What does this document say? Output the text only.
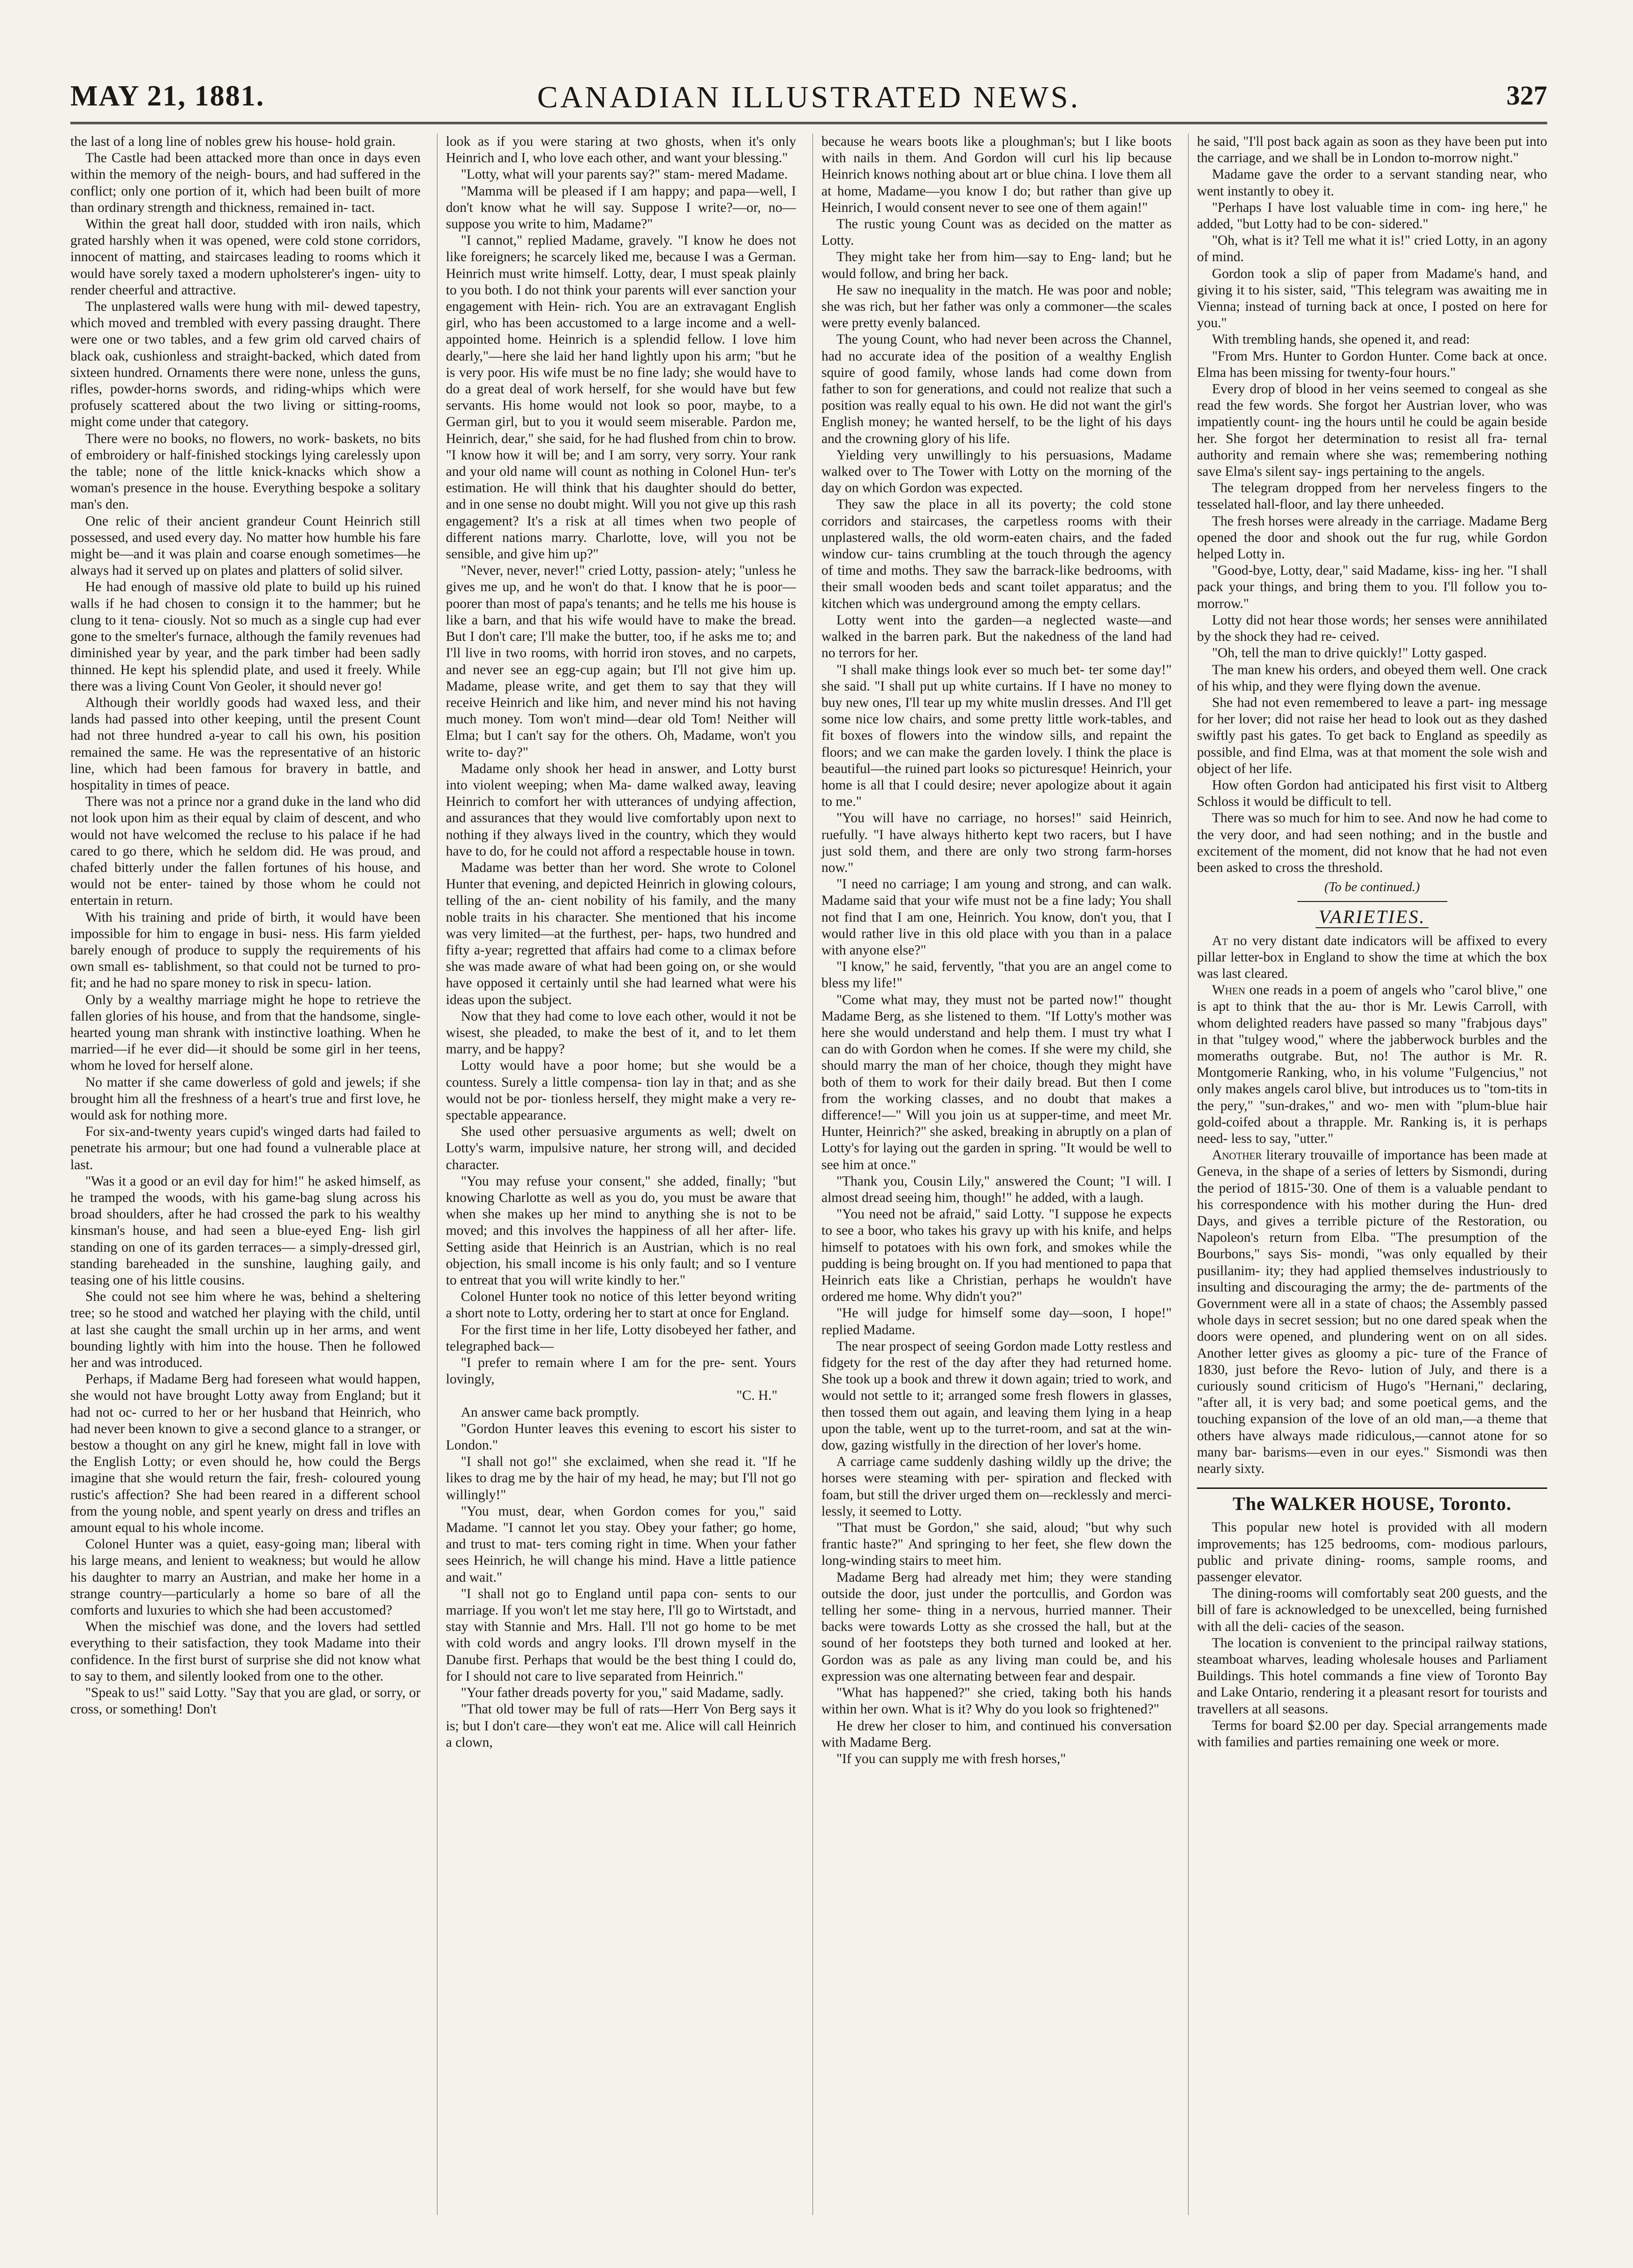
MAY 21, 1881.	CANADIAN ILLUSTRATED NEWS.	327

the last of a long line of nobles grew his house- hold grain.

The Castle had been attacked more than once in days even within the memory of the neigh- bours, and had suffered in the conflict; only one portion of it, which had been built of more than ordinary strength and thickness, remained in- tact.

Within the great hall door, studded with iron nails, which grated harshly when it was opened, were cold stone corridors, innocent of matting, and staircases leading to rooms which it would have sorely taxed a modern upholsterer's ingen- uity to render cheerful and attractive.

The unplastered walls were hung with mil- dewed tapestry, which moved and trembled with every passing draught. There were one or two tables, and a few grim old carved chairs of black oak, cushionless and straight-backed, which dated from sixteen hundred. Ornaments there were none, unless the guns, rifles, powder-horns swords, and riding-whips which were profusely scattered about the two living or sitting-rooms, might come under that category.

There were no books, no flowers, no work- baskets, no bits of embroidery or half-finished stockings lying carelessly upon the table; none of the little knick-knacks which show a woman's presence in the house. Everything bespoke a solitary man's den.

One relic of their ancient grandeur Count Heinrich still possessed, and used every day. No matter how humble his fare might be—and it was plain and coarse enough sometimes—he always had it served up on plates and platters of solid silver.

He had enough of massive old plate to build up his ruined walls if he had chosen to consign it to the hammer; but he clung to it tena- ciously. Not so much as a single cup had ever gone to the smelter's furnace, although the family revenues had diminished year by year, and the park timber had been sadly thinned. He kept his splendid plate, and used it freely. While there was a living Count Von Geoler, it should never go!

Although their worldly goods had waxed less, and their lands had passed into other keeping, until the present Count had not three hundred a-year to call his own, his position remained the same. He was the representative of an historic line, which had been famous for bravery in battle, and hospitality in times of peace.

There was not a prince nor a grand duke in the land who did not look upon him as their equal by claim of descent, and who would not have welcomed the recluse to his palace if he had cared to go there, which he seldom did. He was proud, and chafed bitterly under the fallen fortunes of his house, and would not be enter- tained by those whom he could not entertain in return.

With his training and pride of birth, it would have been impossible for him to engage in busi- ness. His farm yielded barely enough of produce to supply the requirements of his own small es- tablishment, so that could not be turned to pro- fit; and he had no spare money to risk in specu- lation.

Only by a wealthy marriage might he hope to retrieve the fallen glories of his house, and from that the handsome, single-hearted young man shrank with instinctive loathing. When he married—if he ever did—it should be some girl in her teens, whom he loved for herself alone.

No matter if she came dowerless of gold and jewels; if she brought him all the freshness of a heart's true and first love, he would ask for nothing more.

For six-and-twenty years cupid's winged darts had failed to penetrate his armour; but one had found a vulnerable place at last.

"Was it a good or an evil day for him!" he asked himself, as he tramped the woods, with his game-bag slung across his broad shoulders, after he had crossed the park to his wealthy kinsman's house, and had seen a blue-eyed Eng- lish girl standing on one of its garden terraces— a simply-dressed girl, standing bareheaded in the sunshine, laughing gaily, and teasing one of his little cousins.

She could not see him where he was, behind a sheltering tree; so he stood and watched her playing with the child, until at last she caught the small urchin up in her arms, and went bounding lightly with him into the house. Then he followed her and was introduced.

Perhaps, if Madame Berg had foreseen what would happen, she would not have brought Lotty away from England; but it had not oc- curred to her or her husband that Heinrich, who had never been known to give a second glance to a stranger, or bestow a thought on any girl he knew, might fall in love with the English Lotty; or even should he, how could the Bergs imagine that she would return the fair, fresh- coloured young rustic's affection? She had been reared in a different school from the young noble, and spent yearly on dress and trifles an amount equal to his whole income.

Colonel Hunter was a quiet, easy-going man; liberal with his large means, and lenient to weakness; but would he allow his daughter to marry an Austrian, and make her home in a strange country—particularly a home so bare of all the comforts and luxuries to which she had been accustomed?

When the mischief was done, and the lovers had settled everything to their satisfaction, they took Madame into their confidence. In the first burst of surprise she did not know what to say to them, and silently looked from one to the other.

"Speak to us!" said Lotty. "Say that you are glad, or sorry, or cross, or something! Don't

look as if you were staring at two ghosts, when it's only Heinrich and I, who love each other, and want your blessing."

"Lotty, what will your parents say?" stam- mered Madame.

"Mamma will be pleased if I am happy; and papa—well, I don't know what he will say. Suppose I write?—or, no—suppose you write to him, Madame?"

"I cannot," replied Madame, gravely. "I know he does not like foreigners; he scarcely liked me, because I was a German. Heinrich must write himself. Lotty, dear, I must speak plainly to you both. I do not think your parents will ever sanction your engagement with Hein- rich. You are an extravagant English girl, who has been accustomed to a large income and a well-appointed home. Heinrich is a splendid fellow. I love him dearly,"—here she laid her hand lightly upon his arm; "but he is very poor. His wife must be no fine lady; she would have to do a great deal of work herself, for she would have but few servants. His home would not look so poor, maybe, to a German girl, but to you it would seem miserable. Pardon me, Heinrich, dear," she said, for he had flushed from chin to brow. "I know how it will be; and I am sorry, very sorry. Your rank and your old name will count as nothing in Colonel Hun- ter's estimation. He will think that his daughter should do better, and in one sense no doubt might. Will you not give up this rash engagement? It's a risk at all times when two people of different nations marry. Charlotte, love, will you not be sensible, and give him up?"

"Never, never, never!" cried Lotty, passion- ately; "unless he gives me up, and he won't do that. I know that he is poor—poorer than most of papa's tenants; and he tells me his house is like a barn, and that his wife would have to make the bread. But I don't care; I'll make the butter, too, if he asks me to; and I'll live in two rooms, with horrid iron stoves, and no carpets, and never see an egg-cup again; but I'll not give him up. Madame, please write, and get them to say that they will receive Heinrich and like him, and never mind his not having much money. Tom won't mind—dear old Tom! Neither will Elma; but I can't say for the others. Oh, Madame, won't you write to- day?"

Madame only shook her head in answer, and Lotty burst into violent weeping; when Ma- dame walked away, leaving Heinrich to comfort her with utterances of undying affection, and assurances that they would live comfortably upon next to nothing if they always lived in the country, which they would have to do, for he could not afford a respectable house in town.

Madame was better than her word. She wrote to Colonel Hunter that evening, and depicted Heinrich in glowing colours, telling of the an- cient nobility of his family, and the many noble traits in his character. She mentioned that his income was very limited—at the furthest, per- haps, two hundred and fifty a-year; regretted that affairs had come to a climax before she was made aware of what had been going on, or she would have opposed it certainly until she had learned what were his ideas upon the subject.

Now that they had come to love each other, would it not be wisest, she pleaded, to make the best of it, and to let them marry, and be happy?

Lotty would have a poor home; but she would be a countess. Surely a little compensa- tion lay in that; and as she would not be por- tionless herself, they might make a very re- spectable appearance.

She used other persuasive arguments as well; dwelt on Lotty's warm, impulsive nature, her strong will, and decided character.

"You may refuse your consent," she added, finally; "but knowing Charlotte as well as you do, you must be aware that when she makes up her mind to anything she is not to be moved; and this involves the happiness of all her after- life. Setting aside that Heinrich is an Austrian, which is no real objection, his small income is his only fault; and so I venture to entreat that you will write kindly to her."

Colonel Hunter took no notice of this letter beyond writing a short note to Lotty, ordering her to start at once for England.

For the first time in her life, Lotty disobeyed her father, and telegraphed back—

"I prefer to remain where I am for the pre- sent. Yours lovingly,

"C. H."

An answer came back promptly.

"Gordon Hunter leaves this evening to escort his sister to London."

"I shall not go!" she exclaimed, when she read it. "If he likes to drag me by the hair of my head, he may; but I'll not go willingly!"

"You must, dear, when Gordon comes for you," said Madame. "I cannot let you stay. Obey your father; go home, and trust to mat- ters coming right in time. When your father sees Heinrich, he will change his mind. Have a little patience and wait."

"I shall not go to England until papa con- sents to our marriage. If you won't let me stay here, I'll go to Wirtstadt, and stay with Stannie and Mrs. Hall. I'll not go home to be met with cold words and angry looks. I'll drown myself in the Danube first. Perhaps that would be the best thing I could do, for I should not care to live separated from Heinrich."

"Your father dreads poverty for you," said Madame, sadly.

"That old tower may be full of rats—Herr Von Berg says it is; but I don't care—they won't eat me. Alice will call Heinrich a clown,

because he wears boots like a ploughman's; but I like boots with nails in them. And Gordon will curl his lip because Heinrich knows nothing about art or blue china. I love them all at home, Madame—you know I do; but rather than give up Heinrich, I would consent never to see one of them again!"

The rustic young Count was as decided on the matter as Lotty.

They might take her from him—say to Eng- land; but he would follow, and bring her back.

He saw no inequality in the match. He was poor and noble; she was rich, but her father was only a commoner—the scales were pretty evenly balanced.

The young Count, who had never been across the Channel, had no accurate idea of the position of a wealthy English squire of good family, whose lands had come down from father to son for generations, and could not realize that such a position was really equal to his own. He did not want the girl's English money; he wanted herself, to be the light of his days and the crowning glory of his life.

Yielding very unwillingly to his persuasions, Madame walked over to The Tower with Lotty on the morning of the day on which Gordon was expected.

They saw the place in all its poverty; the cold stone corridors and staircases, the carpetless rooms with their unplastered walls, the old worm-eaten chairs, and the faded window cur- tains crumbling at the touch through the agency of time and moths. They saw the barrack-like bedrooms, with their small wooden beds and scant toilet apparatus; and the kitchen which was underground among the empty cellars.

Lotty went into the garden—a neglected waste—and walked in the barren park. But the nakedness of the land had no terrors for her.

"I shall make things look ever so much bet- ter some day!" she said. "I shall put up white curtains. If I have no money to buy new ones, I'll tear up my white muslin dresses. And I'll get some nice low chairs, and some pretty little work-tables, and fit boxes of flowers into the window sills, and repaint the floors; and we can make the garden lovely. I think the place is beautiful—the ruined part looks so picturesque! Heinrich, your home is all that I could desire; never apologize about it again to me."

"You will have no carriage, no horses!" said Heinrich, ruefully. "I have always hitherto kept two racers, but I have just sold them, and there are only two strong farm-horses now."

"I need no carriage; I am young and strong, and can walk. Madame said that your wife must not be a fine lady; You shall not find that I am one, Heinrich. You know, don't you, that I would rather live in this old place with you than in a palace with anyone else?"

"I know," he said, fervently, "that you are an angel come to bless my life!"

"Come what may, they must not be parted now!" thought Madame Berg, as she listened to them. "If Lotty's mother was here she would understand and help them. I must try what I can do with Gordon when he comes. If she were my child, she should marry the man of her choice, though they might have both of them to work for their daily bread. But then I come from the working classes, and no doubt that makes a difference!—" Will you join us at supper-time, and meet Mr. Hunter, Heinrich?" she asked, breaking in abruptly on a plan of Lotty's for laying out the garden in spring. "It would be well to see him at once."

"Thank you, Cousin Lily," answered the Count; "I will. I almost dread seeing him, though!" he added, with a laugh.

"You need not be afraid," said Lotty. "I suppose he expects to see a boor, who takes his gravy up with his knife, and helps himself to potatoes with his own fork, and smokes while the pudding is being brought on. If you had mentioned to papa that Heinrich eats like a Christian, perhaps he wouldn't have ordered me home. Why didn't you?"

"He will judge for himself some day—soon, I hope!" replied Madame.

The near prospect of seeing Gordon made Lotty restless and fidgety for the rest of the day after they had returned home. She took up a book and threw it down again; tried to work, and would not settle to it; arranged some fresh flowers in glasses, then tossed them out again, and leaving them lying in a heap upon the table, went up to the turret-room, and sat at the win- dow, gazing wistfully in the direction of her lover's home.

A carriage came suddenly dashing wildly up the drive; the horses were steaming with per- spiration and flecked with foam, but still the driver urged them on—recklessly and merci- lessly, it seemed to Lotty.

"That must be Gordon," she said, aloud; "but why such frantic haste?" And springing to her feet, she flew down the long-winding stairs to meet him.

Madame Berg had already met him; they were standing outside the door, just under the portcullis, and Gordon was telling her some- thing in a nervous, hurried manner. Their backs were towards Lotty as she crossed the hall, but at the sound of her footsteps they both turned and looked at her. Gordon was as pale as any living man could be, and his expression was one alternating between fear and despair.

"What has happened?" she cried, taking both his hands within her own. What is it? Why do you look so frightened?"

He drew her closer to him, and continued his conversation with Madame Berg.

"If you can supply me with fresh horses,"

he said, "I'll post back again as soon as they have been put into the carriage, and we shall be in London to-morrow night."

Madame gave the order to a servant standing near, who went instantly to obey it.

"Perhaps I have lost valuable time in com- ing here," he added, "but Lotty had to be con- sidered."

"Oh, what is it? Tell me what it is!" cried Lotty, in an agony of mind.

Gordon took a slip of paper from Madame's hand, and giving it to his sister, said, "This telegram was awaiting me in Vienna; instead of turning back at once, I posted on here for you."

With trembling hands, she opened it, and read:

"From Mrs. Hunter to Gordon Hunter. Come back at once. Elma has been missing for twenty-four hours."

Every drop of blood in her veins seemed to congeal as she read the few words. She forgot her Austrian lover, who was impatiently count- ing the hours until he could be again beside her. She forgot her determination to resist all fra- ternal authority and remain where she was; remembering nothing save Elma's silent say- ings pertaining to the angels.

The telegram dropped from her nerveless fingers to the tesselated hall-floor, and lay there unheeded.

The fresh horses were already in the carriage. Madame Berg opened the door and shook out the fur rug, while Gordon helped Lotty in.

"Good-bye, Lotty, dear," said Madame, kiss- ing her. "I shall pack your things, and bring them to you. I'll follow you to-morrow."

Lotty did not hear those words; her senses were annihilated by the shock they had re- ceived.

"Oh, tell the man to drive quickly!" Lotty gasped.

The man knew his orders, and obeyed them well. One crack of his whip, and they were flying down the avenue.

She had not even remembered to leave a part- ing message for her lover; did not raise her head to look out as they dashed swiftly past his gates. To get back to England as speedily as possible, and find Elma, was at that moment the sole wish and object of her life.

How often Gordon had anticipated his first visit to Altberg Schloss it would be difficult to tell.

There was so much for him to see. And now he had come to the very door, and had seen nothing; and in the bustle and excitement of the moment, did not know that he had not even been asked to cross the threshold.

(To be continued.)
VARIETIES.

At no very distant date indicators will be affixed to every pillar letter-box in England to show the time at which the box was last cleared.

When one reads in a poem of angels who "carol blive," one is apt to think that the au- thor is Mr. Lewis Carroll, with whom delighted readers have passed so many "frabjous days" in that "tulgey wood," where the jabberwock burbles and the momeraths outgrabe. But, no! The author is Mr. R. Montgomerie Ranking, who, in his volume "Fulgencius," not only makes angels carol blive, but introduces us to "tom-tits in the pery," "sun-drakes," and wo- men with "plum-blue hair gold-coifed about a thrapple. Mr. Ranking is, it is perhaps need- less to say, "utter."

Another literary trouvaille of importance has been made at Geneva, in the shape of a series of letters by Sismondi, during the period of 1815-'30. One of them is a valuable pendant to his correspondence with his mother during the Hun- dred Days, and gives a terrible picture of the Restoration, ou Napoleon's return from Elba. "The presumption of the Bourbons," says Sis- mondi, "was only equalled by their pusillanim- ity; they had applied themselves industriously to insulting and discouraging the army; the de- partments of the Government were all in a state of chaos; the Assembly passed whole days in secret session; but no one dared speak when the doors were opened, and plundering went on on all sides. Another letter gives as gloomy a pic- ture of the France of 1830, just before the Revo- lution of July, and there is a curiously sound criticism of Hugo's "Hernani," declaring, "after all, it is very bad; and some poetical gems, and the touching expansion of the love of an old man,—a theme that others have always made ridiculous,—cannot atone for so many bar- barisms—even in our eyes." Sismondi was then nearly sixty.

The WALKER HOUSE, Toronto.

This popular new hotel is provided with all modern improvements; has 125 bedrooms, com- modious parlours, public and private dining- rooms, sample rooms, and passenger elevator.

The dining-rooms will comfortably seat 200 guests, and the bill of fare is acknowledged to be unexcelled, being furnished with all the deli- cacies of the season.

The location is convenient to the principal railway stations, steamboat wharves, leading wholesale houses and Parliament Buildings. This hotel commands a fine view of Toronto Bay and Lake Ontario, rendering it a pleasant resort for tourists and travellers at all seasons.

Terms for board $2.00 per day. Special arrangements made with families and parties remaining one week or more.
